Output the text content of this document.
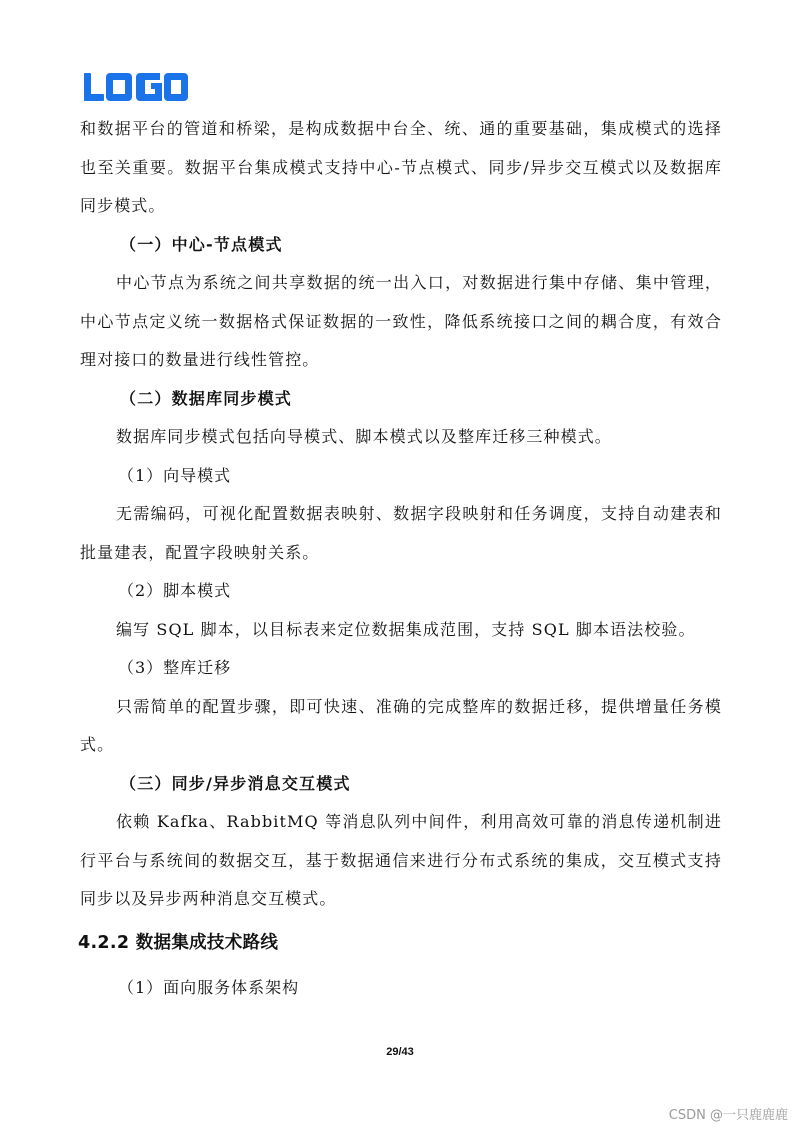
和数据平台的管道和桥梁，是构成数据中台全、统、通的重要基础，集成模式的选择也至关重要。数据平台集成模式支持中心-节点模式、同步/异步交互模式以及数据库同步模式。

（一）中心-节点模式

中心节点为系统之间共享数据的统一出入口，对数据进行集中存储、集中管理，中心节点定义统一数据格式保证数据的一致性，降低系统接口之间的耦合度，有效合理对接口的数量进行线性管控。

（二）数据库同步模式

数据库同步模式包括向导模式、脚本模式以及整库迁移三种模式。

（1）向导模式

无需编码，可视化配置数据表映射、数据字段映射和任务调度，支持自动建表和批量建表，配置字段映射关系。

（2）脚本模式

编写 SQL 脚本，以目标表来定位数据集成范围，支持 SQL 脚本语法校验。

（3）整库迁移

只需简单的配置步骤，即可快速、准确的完成整库的数据迁移，提供增量任务模式。

（三）同步/异步消息交互模式

依赖 Kafka、RabbitMQ 等消息队列中间件，利用高效可靠的消息传递机制进行平台与系统间的数据交互，基于数据通信来进行分布式系统的集成，交互模式支持同步以及异步两种消息交互模式。

4.2.2 数据集成技术路线

（1）面向服务体系架构

29/43
CSDN @一只鹿鹿鹿
